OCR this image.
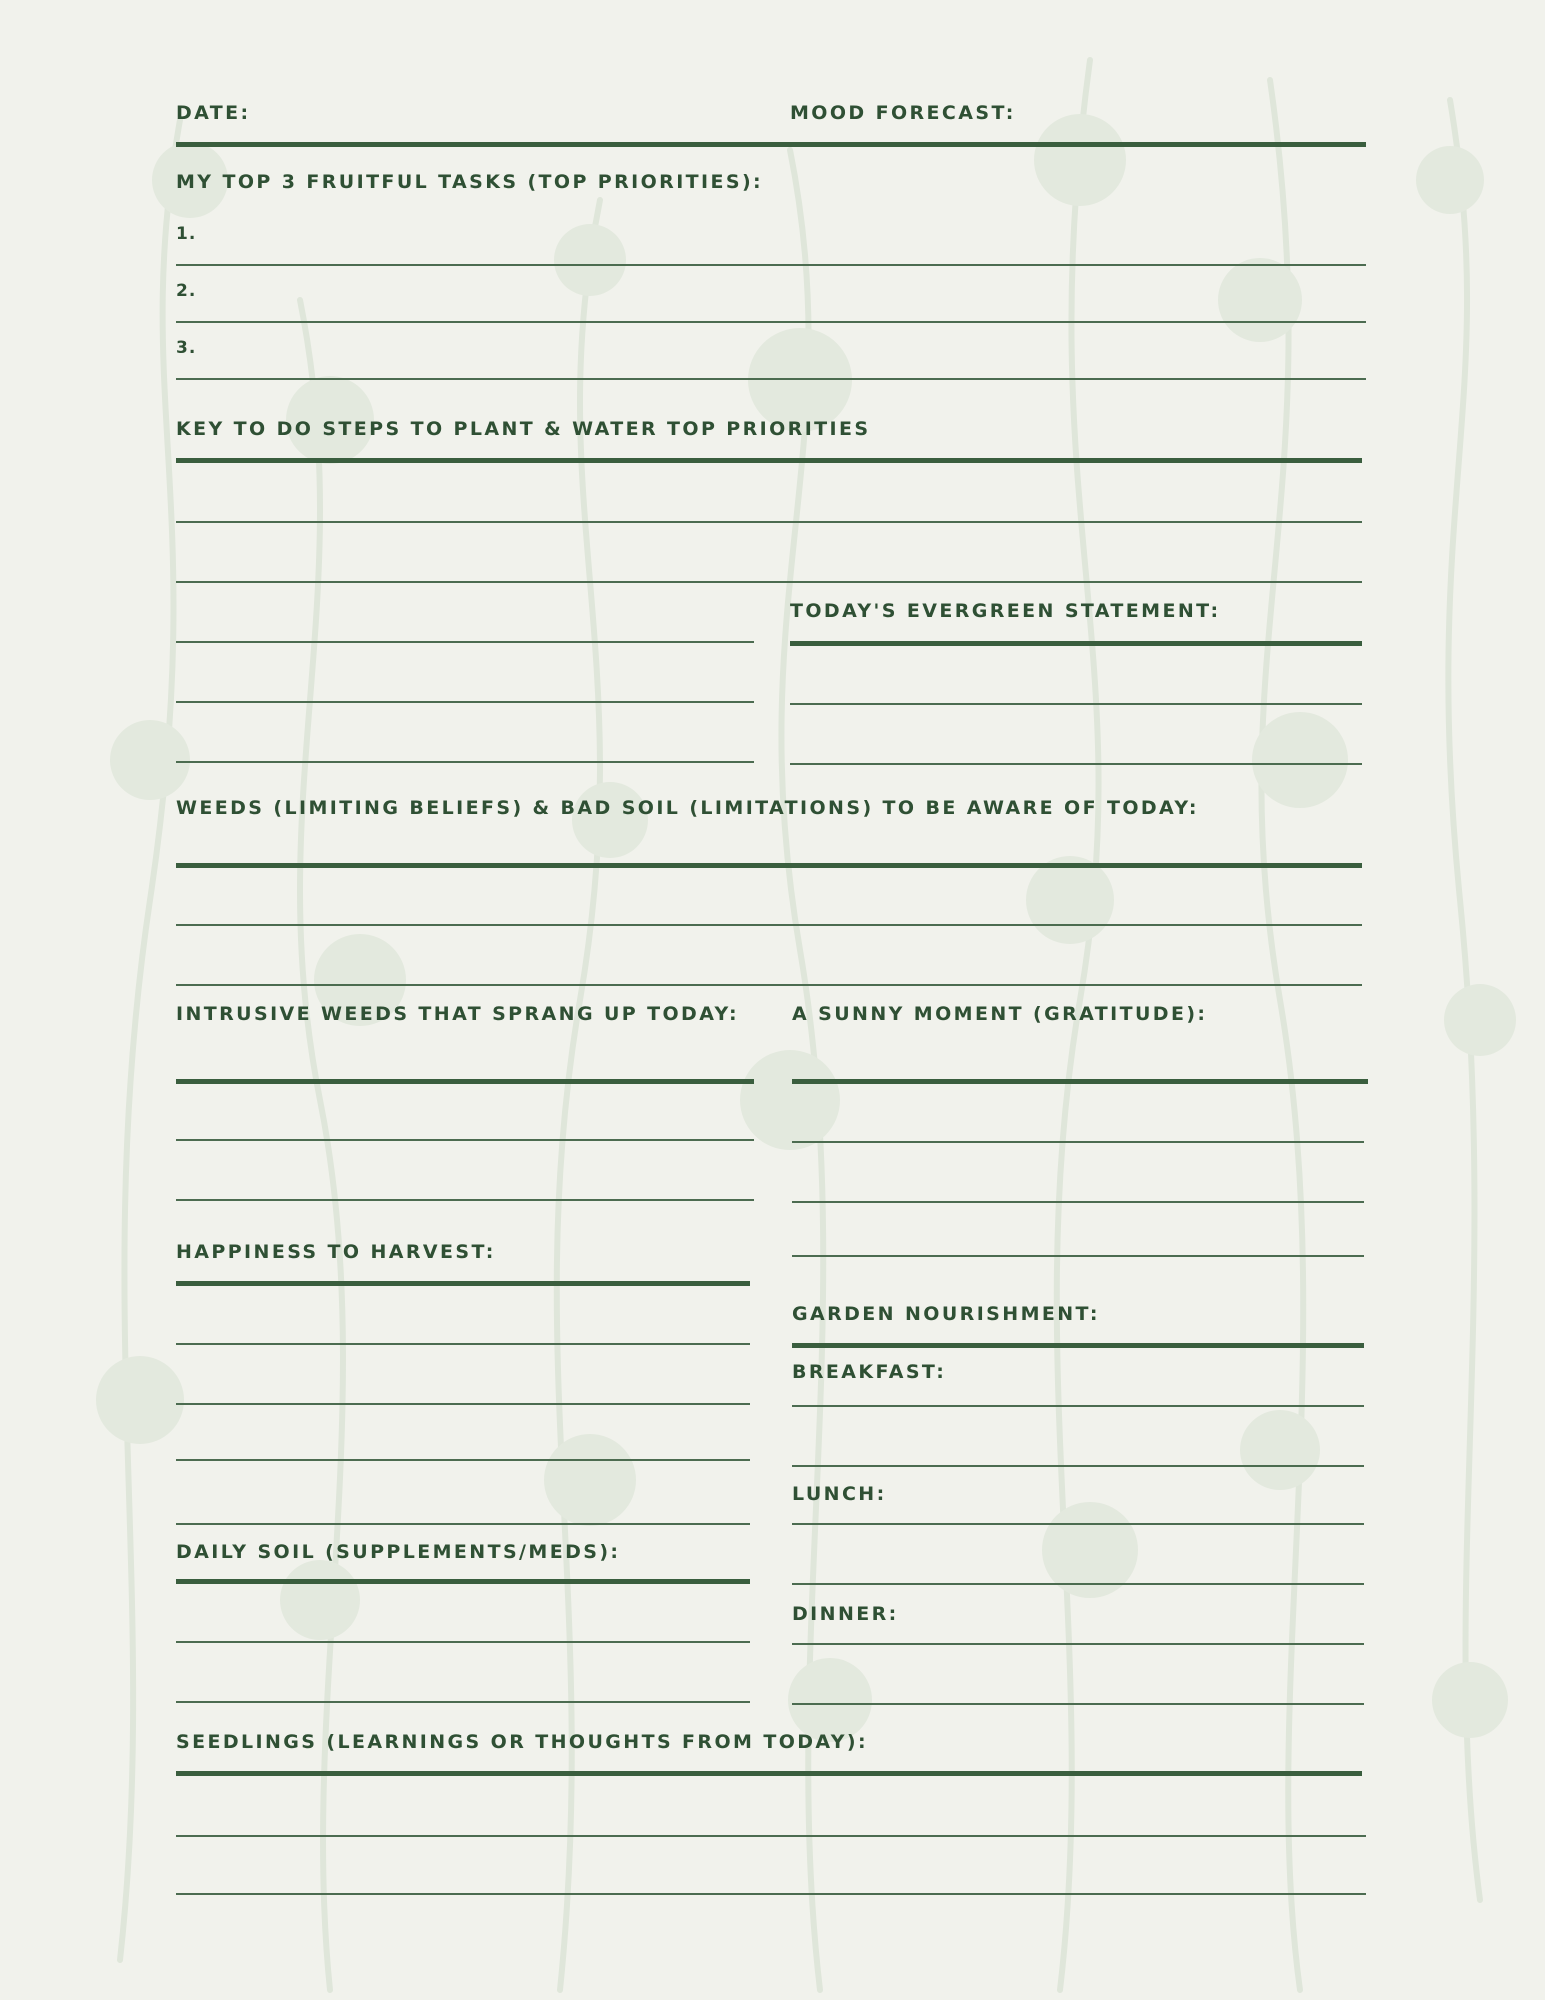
DATE:	MOOD FORECAST:
MY TOP 3 FRUITFUL TASKS (TOP PRIORITIES):
1.
2.
3.
KEY TO DO STEPS TO PLANT & WATER TOP PRIORITIES
TODAY'S EVERGREEN STATEMENT:
WEEDS (LIMITING BELIEFS) & BAD SOIL (LIMITATIONS) TO BE AWARE OF TODAY:
INTRUSIVE WEEDS THAT SPRANG UP TODAY:	A SUNNY MOMENT (GRATITUDE):
HAPPINESS TO HARVEST:
GARDEN NOURISHMENT:
BREAKFAST:
LUNCH:
DINNER:
DAILY SOIL (SUPPLEMENTS/MEDS):
SEEDLINGS (LEARNINGS OR THOUGHTS FROM TODAY):
